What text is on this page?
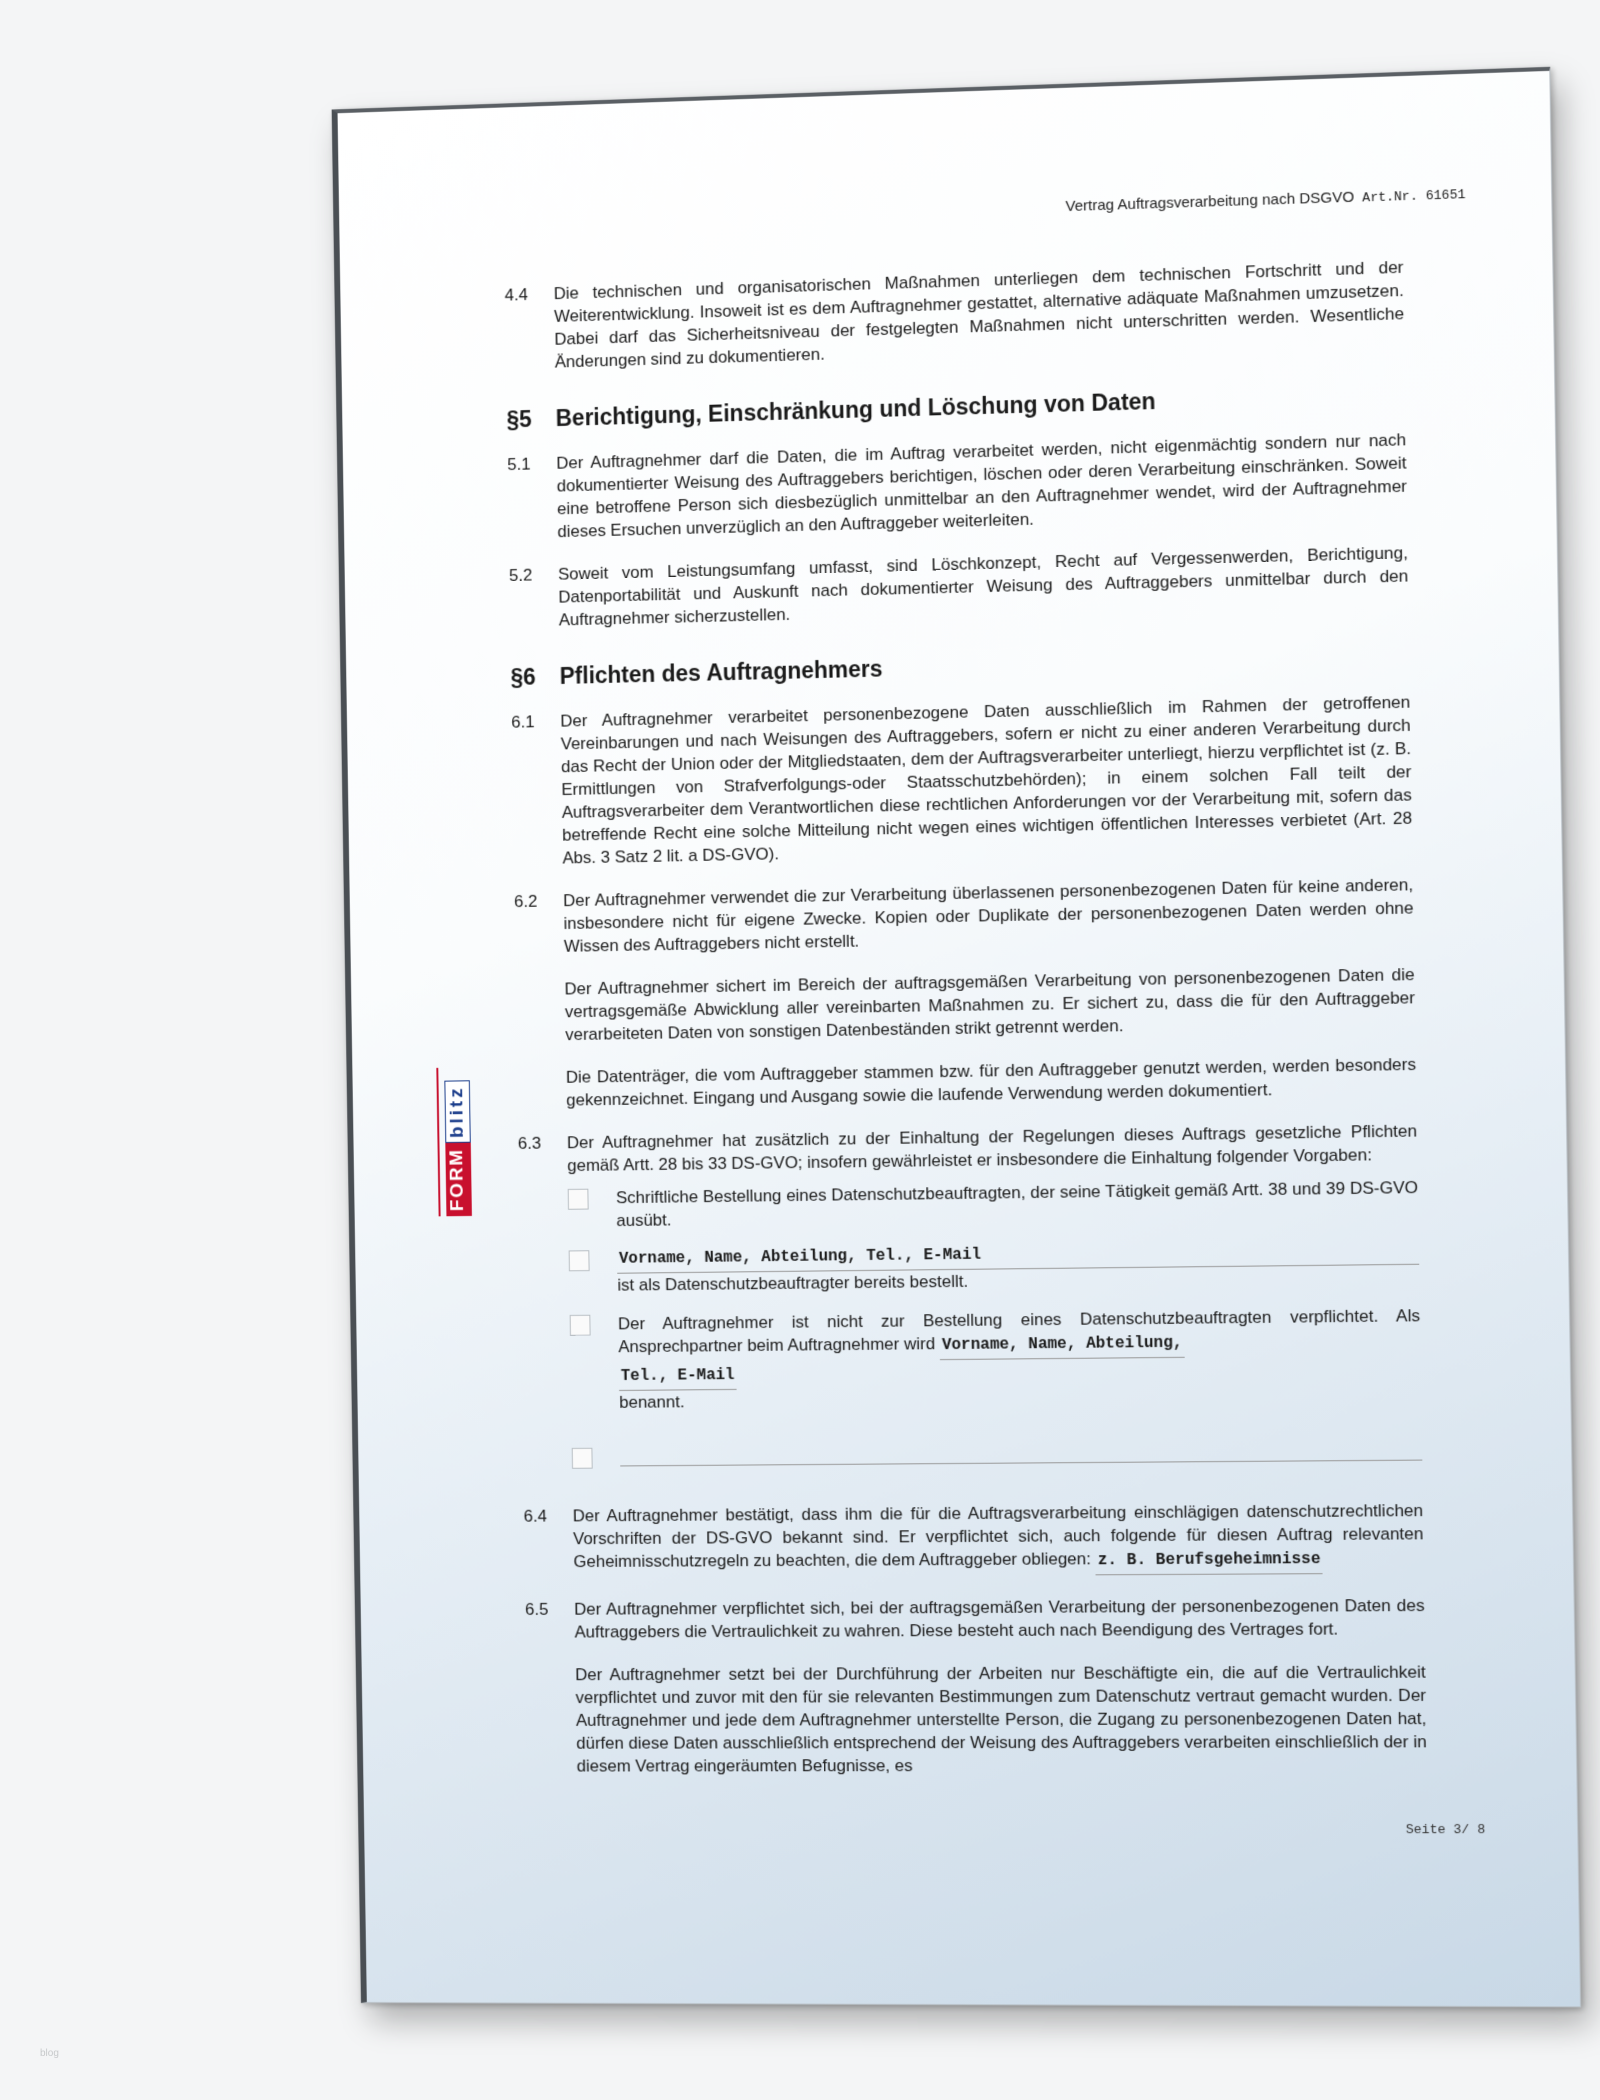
Vertrag Auftragsverarbeitung nach DSGVO Art.Nr. 61651
FORM
blitz
4.4	Die technischen und organisatorischen Maßnahmen unterliegen dem technischen Fortschritt und der Weiterentwicklung. Insoweit ist es dem Auftragnehmer gestattet, alternative adäquate Maßnahmen umzusetzen. Dabei darf das Sicherheitsniveau der festgelegten Maßnahmen nicht unterschritten werden. Wesentliche Änderungen sind zu dokumentieren.
§5	Berichtigung, Einschränkung und Löschung von Daten
5.1	Der Auftragnehmer darf die Daten, die im Auftrag verarbeitet werden, nicht eigenmächtig sondern nur nach dokumentierter Weisung des Auftraggebers berichtigen, löschen oder deren Verarbeitung einschränken. Soweit eine betroffene Person sich diesbezüglich unmittelbar an den Auftragnehmer wendet, wird der Auftragnehmer dieses Ersuchen unverzüglich an den Auftraggeber weiterleiten.
5.2	Soweit vom Leistungsumfang umfasst, sind Löschkonzept, Recht auf Vergessenwerden, Berichtigung, Datenportabilität und Auskunft nach dokumentierter Weisung des Auftraggebers unmittelbar durch den Auftragnehmer sicherzustellen.
§6	Pflichten des Auftragnehmers
6.1	Der Auftragnehmer verarbeitet personenbezogene Daten ausschließlich im Rahmen der getroffenen Vereinbarungen und nach Weisungen des Auftraggebers, sofern er nicht zu einer anderen Verarbeitung durch das Recht der Union oder der Mitgliedstaaten, dem der Auftragsverarbeiter unterliegt, hierzu verpflichtet ist (z. B. Ermittlungen von Strafverfolgungs-oder Staatsschutzbehörden); in einem solchen Fall teilt der Auftragsverarbeiter dem Verantwortlichen diese rechtlichen Anforderungen vor der Verarbeitung mit, sofern das betreffende Recht eine solche Mitteilung nicht wegen eines wichtigen öffentlichen Interesses verbietet (Art. 28 Abs. 3 Satz 2 lit. a DS-GVO).
6.2	Der Auftragnehmer verwendet die zur Verarbeitung überlassenen personenbezogenen Daten für keine anderen, insbesondere nicht für eigene Zwecke. Kopien oder Duplikate der personenbezogenen Daten werden ohne Wissen des Auftraggebers nicht erstellt.

Der Auftragnehmer sichert im Bereich der auftragsgemäßen Verarbeitung von personenbezogenen Daten die vertragsgemäße Abwicklung aller vereinbarten Maßnahmen zu. Er sichert zu, dass die für den Auftraggeber verarbeiteten Daten von sonstigen Datenbeständen strikt getrennt werden.

Die Datenträger, die vom Auftraggeber stammen bzw. für den Auftraggeber genutzt werden, werden besonders gekennzeichnet. Eingang und Ausgang sowie die laufende Verwendung werden dokumentiert.

6.3	Der Auftragnehmer hat zusätzlich zu der Einhaltung der Regelungen dieses Auftrags gesetzliche Pflichten gemäß Artt. 28 bis 33 DS-GVO; insofern gewährleistet er insbesondere die Einhaltung folgender Vorgaben:

Schriftliche Bestellung eines Datenschutzbeauftragten, der seine Tätigkeit gemäß Artt. 38 und 39 DS-GVO ausübt.
Vorname, Name, Abteilung, Tel., E-Mail
ist als Datenschutzbeauftragter bereits bestellt.
Der Auftragnehmer ist nicht zur Bestellung eines Datenschutzbeauftragten verpflichtet. Als Ansprechpartner beim Auftragnehmer wird Vorname, Name, Abteilung,
Tel., E-Mail
benannt.
6.4	Der Auftragnehmer bestätigt, dass ihm die für die Auftragsverarbeitung einschlägigen datenschutzrechtlichen Vorschriften der DS-GVO bekannt sind. Er verpflichtet sich, auch folgende für diesen Auftrag relevanten Geheimnisschutzregeln zu beachten, die dem Auftraggeber obliegen: z. B. Berufsgeheimnisse
6.5	Der Auftragnehmer verpflichtet sich, bei der auftragsgemäßen Verarbeitung der personenbezogenen Daten des Auftraggebers die Vertraulichkeit zu wahren. Diese besteht auch nach Beendigung des Vertrages fort.

Der Auftragnehmer setzt bei der Durchführung der Arbeiten nur Beschäftigte ein, die auf die Vertraulichkeit verpflichtet und zuvor mit den für sie relevanten Bestimmungen zum Datenschutz vertraut gemacht wurden. Der Auftragnehmer und jede dem Auftragnehmer unterstellte Person, die Zugang zu personenbezogenen Daten hat, dürfen diese Daten ausschließlich entsprechend der Weisung des Auftraggebers verarbeiten einschließlich der in diesem Vertrag eingeräumten Befugnisse, es

Seite 3/ 8
blog
